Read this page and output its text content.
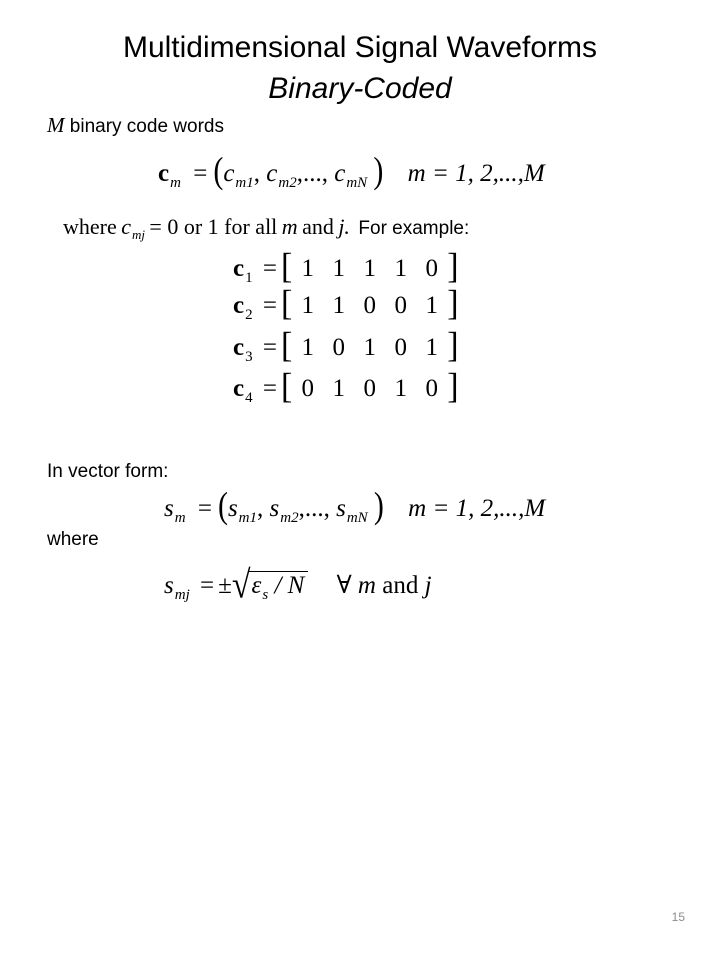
Multidimensional Signal Waveforms
Binary-Coded
M binary code words
$c_m = (c_{m1}$, $c_{m2}$,..., $c_{mN}$ ) m = 1, 2,...,M
where $c_{mj} = 0$ or 1 for all m and j. For example:
$c_1$ = [ 1 1 1 1 0 ]
$c_2$ = [ 1 1 0 0 1 ]
$c_3$ = [ 1 0 1 0 1 ]
$c_4$ = [ 0 1 0 1 0 ]
In vector form:
$s_m = (s_{m1}$, $s_{m2}$,..., $s_{mN}$ ) m = 1, 2,...,M
where
$s_{mj} = \pm√\varepsilon_s / N$ ∀ m and j
15
